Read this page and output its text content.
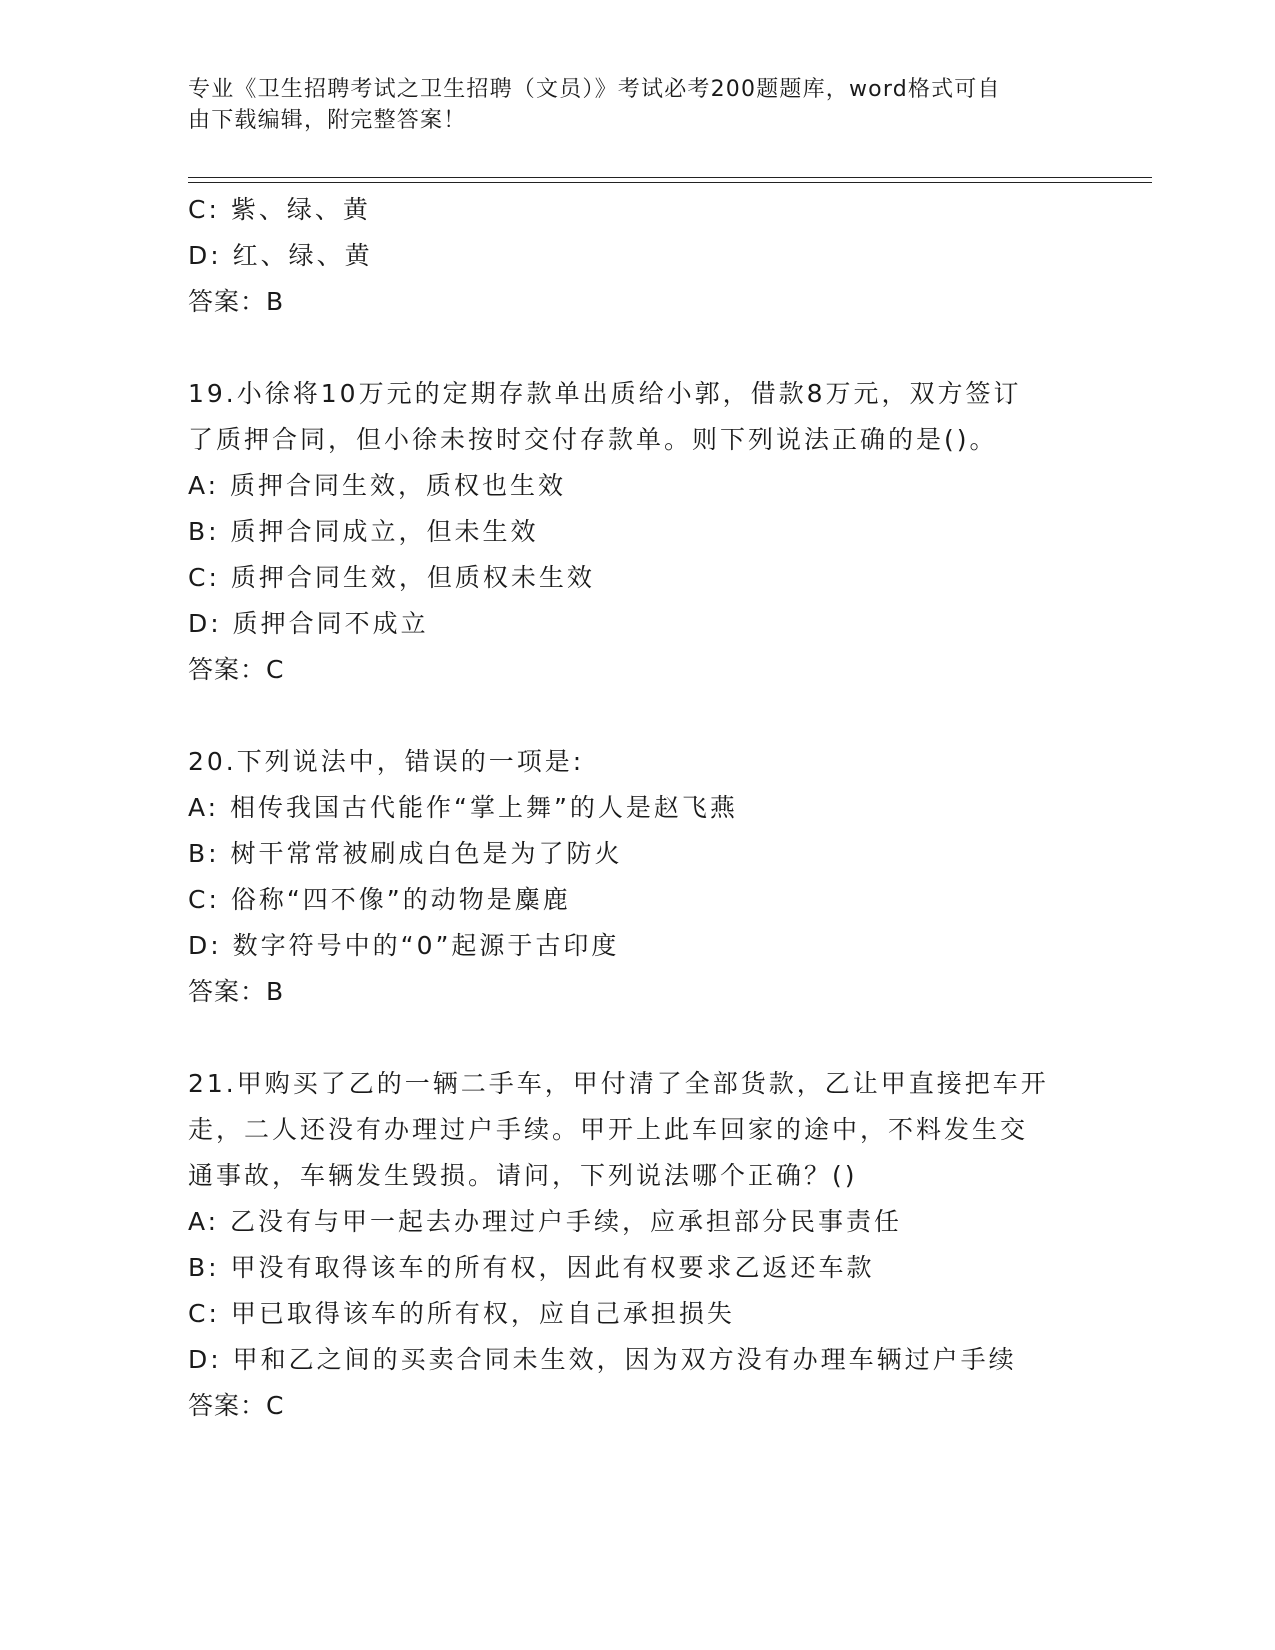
专业《卫生招聘考试之卫生招聘（文员）》考试必考200题题库，word格式可自
由下载编辑，附完整答案！
C: 紫、绿、黄
D: 红、绿、黄
答案：B
19.小徐将10万元的定期存款单出质给小郭，借款8万元，双方签订
了质押合同，但小徐未按时交付存款单。则下列说法正确的是()。
A: 质押合同生效，质权也生效
B: 质押合同成立，但未生效
C: 质押合同生效，但质权未生效
D: 质押合同不成立
答案：C
20.下列说法中，错误的一项是:
A: 相传我国古代能作“掌上舞”的人是赵飞燕
B: 树干常常被刷成白色是为了防火
C: 俗称“四不像”的动物是麋鹿
D: 数字符号中的“0”起源于古印度
答案：B
21.甲购买了乙的一辆二手车，甲付清了全部货款，乙让甲直接把车开
走，二人还没有办理过户手续。甲开上此车回家的途中，不料发生交
通事故，车辆发生毁损。请问，下列说法哪个正确？()
A: 乙没有与甲一起去办理过户手续，应承担部分民事责任
B: 甲没有取得该车的所有权，因此有权要求乙返还车款
C: 甲已取得该车的所有权，应自己承担损失
D: 甲和乙之间的买卖合同未生效，因为双方没有办理车辆过户手续
答案：C
